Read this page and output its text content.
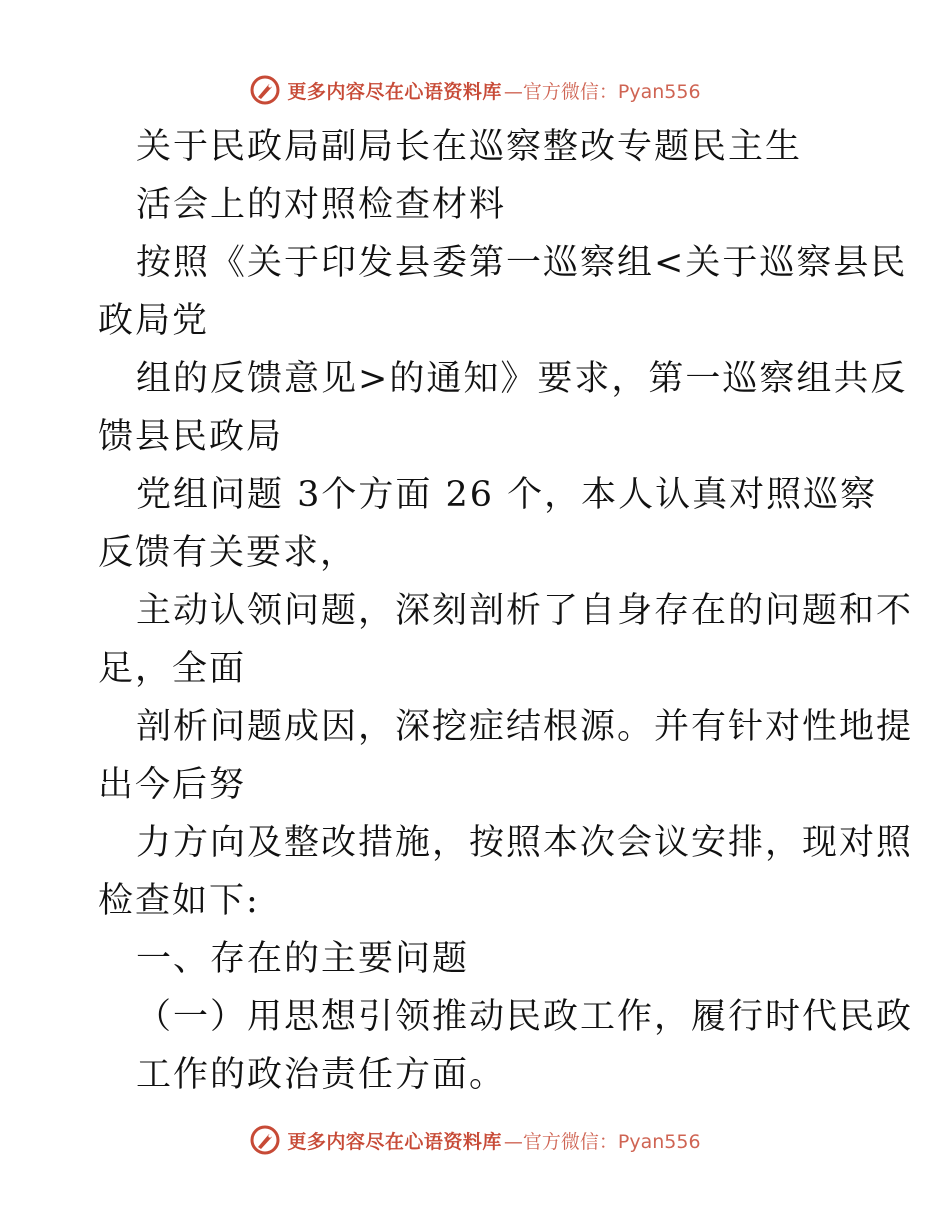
更多内容尽在心语资料库 —官方微信：Pyan556
关于民政局副局长在巡察整改专题民主生
活会上的对照检查材料
按照《关于印发县委第一巡察组<关于巡察县民
政局党
组的反馈意见>的通知》要求，第一巡察组共反
馈县民政局
党组问题 3个方面 26 个，本人认真对照巡察
反馈有关要求，
主动认领问题，深刻剖析了自身存在的问题和不
足，全面
剖析问题成因，深挖症结根源。并有针对性地提
出今后努
力方向及整改措施，按照本次会议安排，现对照
检查如下:
一、存在的主要问题
（一）用思想引领推动民政工作，履行时代民政
工作的政治责任方面。
更多内容尽在心语资料库 —官方微信：Pyan556
